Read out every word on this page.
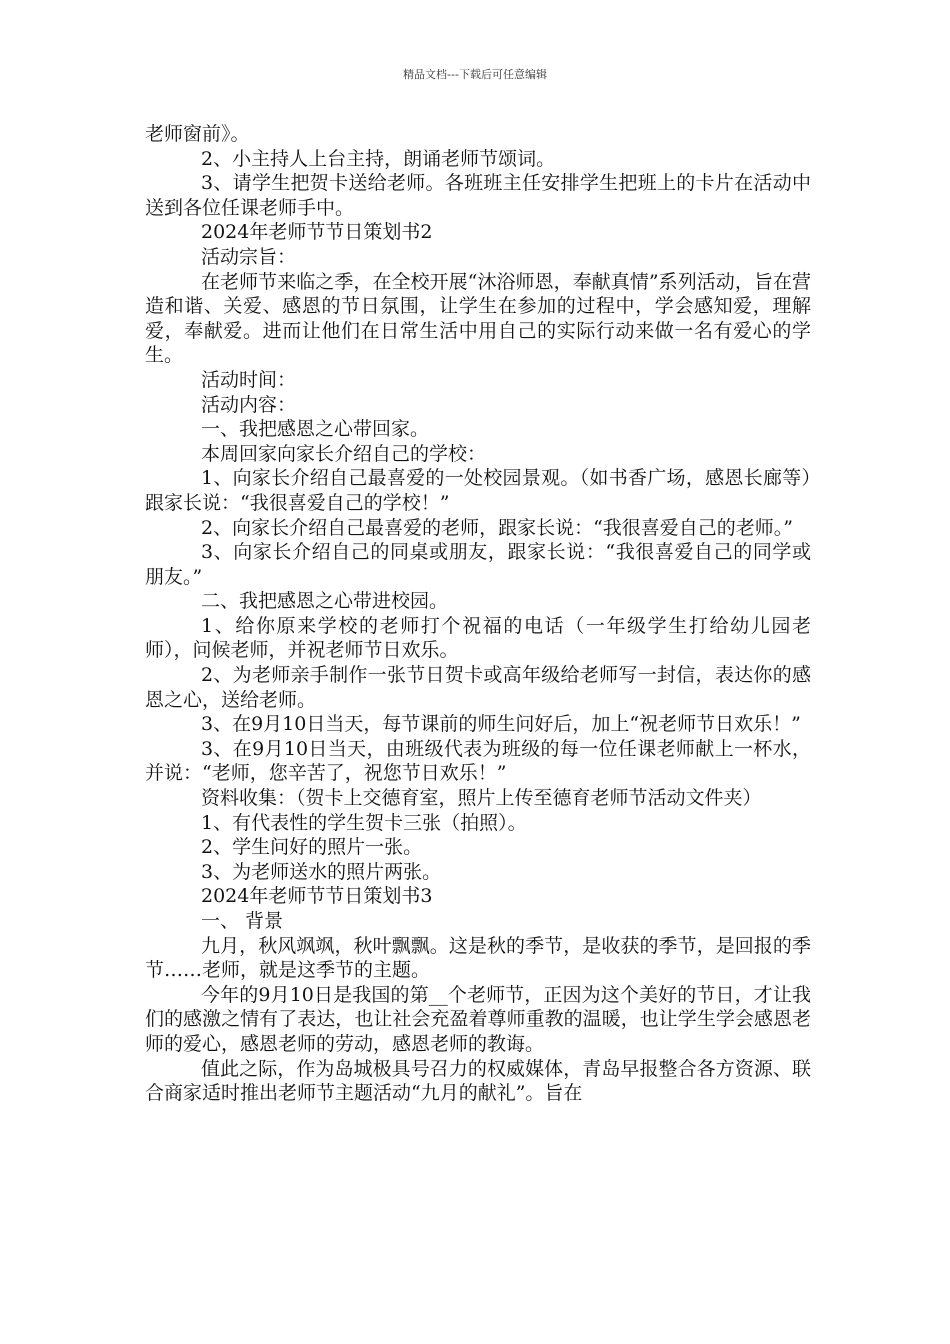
精品文档---下载后可任意编辑

老师窗前》。

2、小主持人上台主持，朗诵老师节颂词。

3、请学生把贺卡送给老师。各班班主任安排学生把班上的卡片在活动中送到各位任课老师手中。

2024年老师节节日策划书2

活动宗旨：

在老师节来临之季，在全校开展“沐浴师恩，奉献真情”系列活动，旨在营造和谐、关爱、感恩的节日氛围，让学生在参加的过程中，学会感知爱，理解爱，奉献爱。进而让他们在日常生活中用自己的实际行动来做一名有爱心的学生。

活动时间：

活动内容：

一、我把感恩之心带回家。

本周回家向家长介绍自己的学校：

1、向家长介绍自己最喜爱的一处校园景观。（如书香广场，感恩长廊等）跟家长说：“我很喜爱自己的学校！”

2、向家长介绍自己最喜爱的老师，跟家长说：“我很喜爱自己的老师。”

3、向家长介绍自己的同桌或朋友，跟家长说：“我很喜爱自己的同学或朋友。”

二、我把感恩之心带进校园。

1、给你原来学校的老师打个祝福的电话（一年级学生打给幼儿园老师），问候老师，并祝老师节日欢乐。

2、为老师亲手制作一张节日贺卡或高年级给老师写一封信，表达你的感恩之心，送给老师。

3、在9月10日当天，每节课前的师生问好后，加上“祝老师节日欢乐！”

3、在9月10日当天，由班级代表为班级的每一位任课老师献上一杯水，并说：“老师，您辛苦了，祝您节日欢乐！”

资料收集：（贺卡上交德育室，照片上传至德育老师节活动文件夹）

1、有代表性的学生贺卡三张（拍照）。

2、学生问好的照片一张。

3、为老师送水的照片两张。

2024年老师节节日策划书3

一、 背景

九月，秋风飒飒，秋叶飘飘。这是秋的季节，是收获的季节，是回报的季节……老师，就是这季节的主题。

今年的9月10日是我国的第__个老师节，正因为这个美好的节日，才让我们的感激之情有了表达，也让社会充盈着尊师重教的温暖，也让学生学会感恩老师的爱心，感恩老师的劳动，感恩老师的教诲。

值此之际，作为岛城极具号召力的权威媒体，青岛早报整合各方资源、联合商家适时推出老师节主题活动“九月的献礼”。旨在
